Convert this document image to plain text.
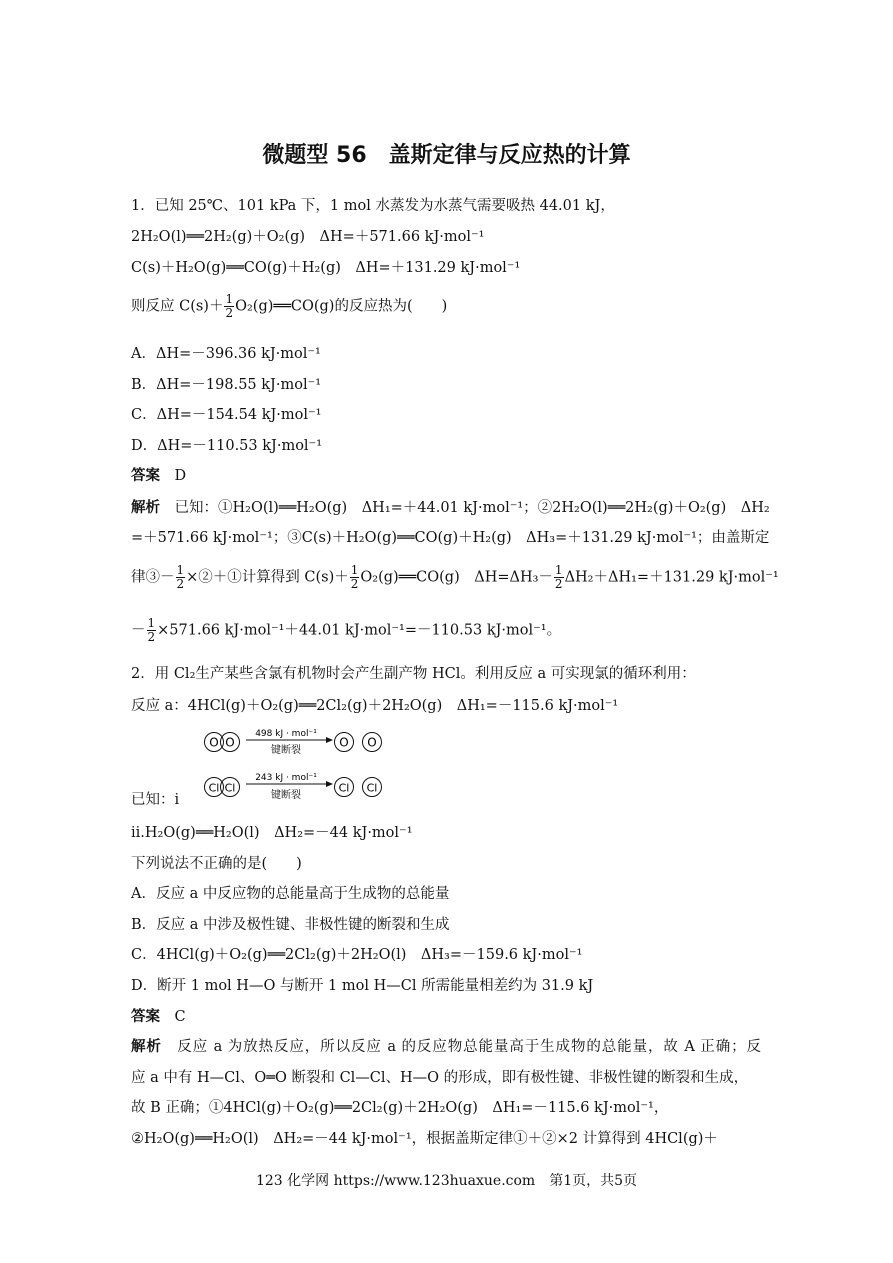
微题型 56　盖斯定律与反应热的计算
1．已知 25℃、101 kPa 下，1 mol 水蒸发为水蒸气需要吸热 44.01 kJ，
2H₂O(l)══2H₂(g)＋O₂(g)　ΔH=＋571.66 kJ·mol⁻¹
C(s)＋H₂O(g)══CO(g)＋H₂(g)　ΔH=＋131.29 kJ·mol⁻¹
则反应 $C(s)+ \frac{1}{2}$ O₂(g)══CO(g)的反应热为(　　)
A．ΔH=－396.36 kJ·mol⁻¹
B．ΔH=－198.55 kJ·mol⁻¹
C．ΔH=－154.54 kJ·mol⁻¹
D．ΔH=－110.53 kJ·mol⁻¹
答案　 D
解析　 已知：①H₂O(l)══H₂O(g)　ΔH₁=＋44.01 kJ·mol⁻¹；②2H₂O(l)══2H₂(g)＋O₂(g)　ΔH₂
=＋571.66 kJ·mol⁻¹；③C(s)＋H₂O(g)══CO(g)＋H₂(g)　ΔH₃=＋131.29 kJ·mol⁻¹；由盖斯定
律③－ $\frac{1}{2}$ ×②＋①计算得到 $C(s)+ \frac{1}{2}$ O₂(g)══CO(g)　$\Delta H=\Delta H_3- \frac{1}{2} \Delta H_2+\Delta H_1=+131.29$ kJ·mol⁻¹
－ $\frac{1}{2} \times 571.66$ kJ·mol⁻¹＋44.01 kJ·mol⁻¹=－110.53 kJ·mol⁻¹。
2．用 Cl₂生产某些含氯有机物时会产生副产物 HCl。利用反应 a 可实现氯的循环利用：
反应 a：4HCl(g)＋O₂(g)══2Cl₂(g)＋2H₂O(g)　ΔH₁=－115.6 kJ·mol⁻¹
O O
498 kJ · mol⁻¹
键断裂
O O
Cl Cl
243 kJ · mol⁻¹
键断裂
Cl Cl
已知：ⅰ
ⅱ.H₂O(g)══H₂O(l)　ΔH₂=－44 kJ·mol⁻¹
下列说法不正确的是(　　)
A．反应 a 中反应物的总能量高于生成物的总能量
B．反应 a 中涉及极性键、非极性键的断裂和生成
C．4HCl(g)＋O₂(g)══2Cl₂(g)＋2H₂O(l)　ΔH₃=－159.6 kJ·mol⁻¹
D．断开 1 mol H—O 与断开 1 mol H—Cl 所需能量相差约为 31.9 kJ
答案　 C
解析　 反应 a 为放热反应，所以反应 a 的反应物总能量高于生成物的总能量，故 A 正确；反
应 a 中有 H—Cl、O═O 断裂和 Cl—Cl、H—O 的形成，即有极性键、非极性键的断裂和生成，
故 B 正确；①4HCl(g)＋O₂(g)══2Cl₂(g)＋2H₂O(g)　ΔH₁=－115.6 kJ·mol⁻¹，
②H₂O(g)══H₂O(l)　ΔH₂=－44 kJ·mol⁻¹，根据盖斯定律①＋②×2 计算得到 4HCl(g)＋
123 化学网 https://www.123huaxue.com　第1页，共5页
